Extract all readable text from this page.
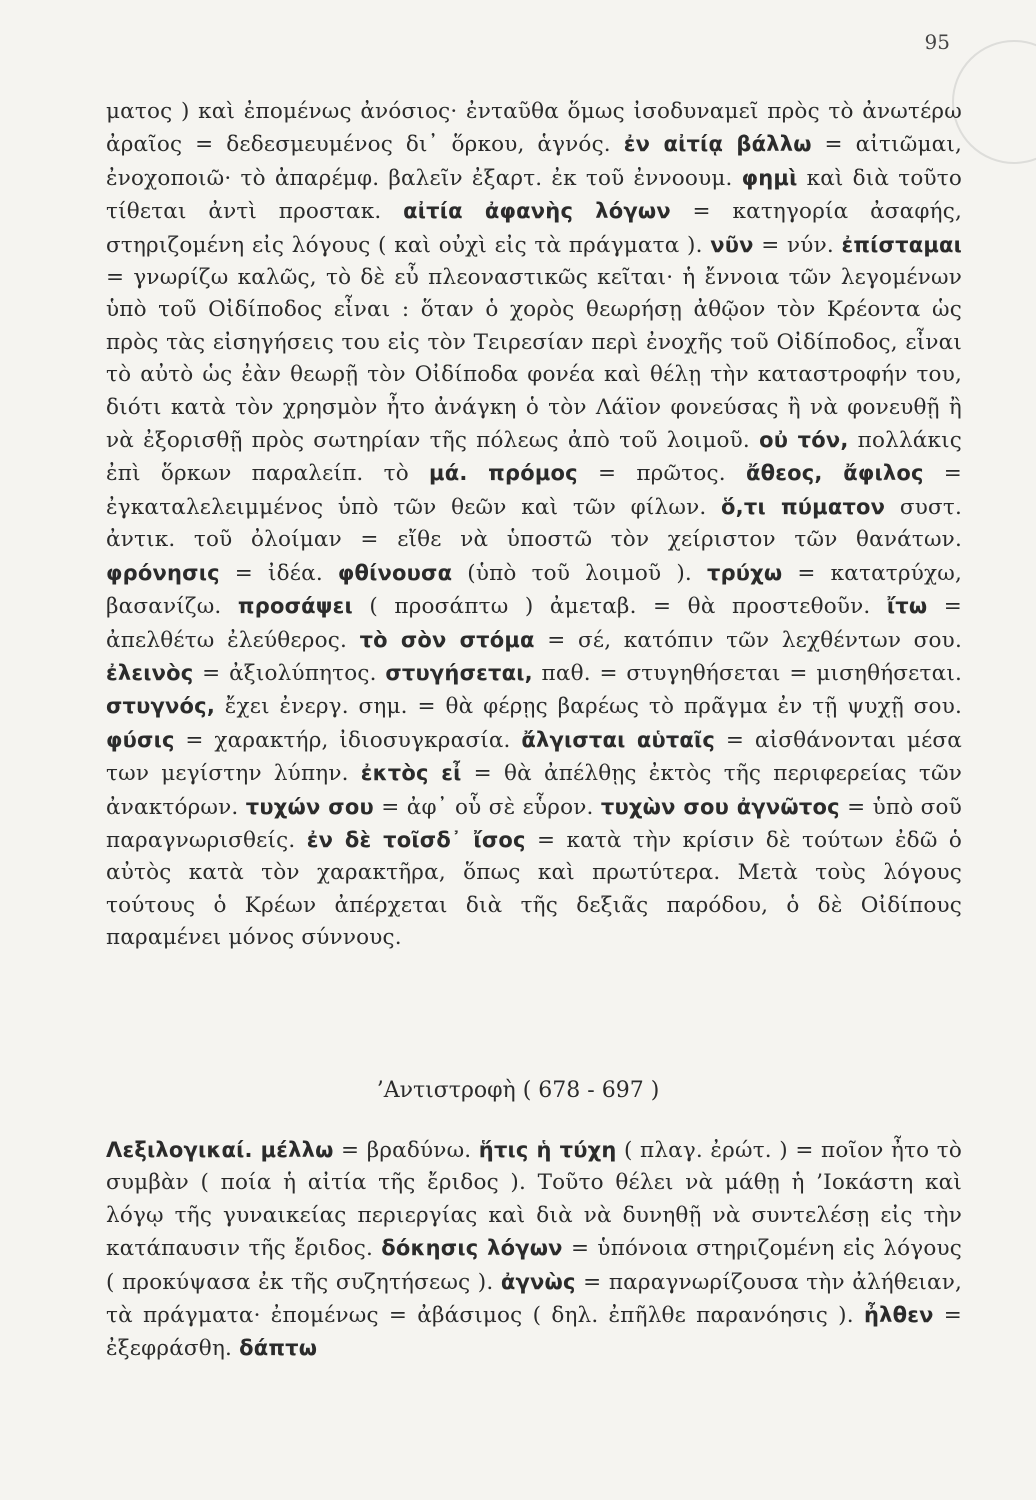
95

ματος ) καὶ ἐπομένως ἀνόσιος· ἐνταῦθα ὅμως ἰσοδυναμεῖ πρὸς τὸ ἀνωτέρω ἀραῖος = δεδεσμευμένος δι᾽ ὅρκου, ἁγνός. ἐν αἰτίᾳ βάλλω = αἰτιῶμαι, ἐνοχοποιῶ· τὸ ἀπαρέμφ. βαλεῖν ἐξαρτ. ἐκ τοῦ ἐννοουμ. φημὶ καὶ διὰ τοῦτο τίθεται ἀντὶ προστακ. αἰτία ἀφανὴς λόγων = κατηγορία ἀσαφής, στηριζομένη εἰς λόγους ( καὶ οὐχὶ εἰς τὰ πράγματα ). νῦν = νύν. ἐπίσταμαι = γνωρίζω καλῶς, τὸ δὲ εὖ πλεοναστικῶς κεῖται· ἡ ἔννοια τῶν λεγομένων ὑπὸ τοῦ Οἰδίποδος εἶναι : ὅταν ὁ χορὸς θεωρήσῃ ἀθῷον τὸν Κρέοντα ὡς πρὸς τὰς εἰσηγήσεις του εἰς τὸν Τειρεσίαν περὶ ἐνοχῆς τοῦ Οἰδίποδος, εἶναι τὸ αὐτὸ ὡς ἐὰν θεωρῇ τὸν Οἰδίποδα φονέα καὶ θέλῃ τὴν καταστροφήν του, διότι κατὰ τὸν χρησμὸν ἦτο ἀνάγκη ὁ τὸν Λάϊον φονεύσας ἢ νὰ φονευθῇ ἢ νὰ ἐξορισθῇ πρὸς σωτηρίαν τῆς πόλεως ἀπὸ τοῦ λοιμοῦ. οὐ τόν, πολλάκις ἐπὶ ὅρκων παραλείπ. τὸ μά. πρόμος = πρῶτος. ἄθεος, ἄφιλος = ἐγκαταλελειμμένος ὑπὸ τῶν θεῶν καὶ τῶν φίλων. ὅ,τι πύματον συστ. ἀντικ. τοῦ ὀλοίμαν = εἴθε νὰ ὑποστῶ τὸν χείριστον τῶν θανάτων. φρόνησις = ἰδέα. φθίνουσα (ὑπὸ τοῦ λοιμοῦ ). τρύχω = κατατρύχω, βασανίζω. προσάψει ( προσάπτω ) ἀμεταβ. = θὰ προστεθοῦν. ἴτω = ἀπελθέτω ἐλεύθερος. τὸ σὸν στόμα = σέ, κατόπιν τῶν λεχθέντων σου. ἐλεινὸς = ἀξιολύπητος. στυγήσεται, παθ. = στυγηθήσεται = μισηθήσεται. στυγνός, ἔχει ἐνεργ. σημ. = θὰ φέρῃς βαρέως τὸ πρᾶγμα ἐν τῇ ψυχῇ σου. φύσις = χαρακτήρ, ἰδιοσυγκρασία. ἄλγισται αὑταῖς = αἰσθάνονται μέσα των μεγίστην λύπην. ἐκτὸς εἶ = θὰ ἀπέλθῃς ἐκτὸς τῆς περιφερείας τῶν ἀνακτόρων. τυχών σου = ἀφ᾽ οὗ σὲ εὗρον. τυχὼν σου ἀγνῶτος = ὑπὸ σοῦ παραγνωρισθείς. ἐν δὲ τοῖσδ᾽ ἴσος = κατὰ τὴν κρίσιν δὲ τούτων ἐδῶ ὁ αὐτὸς κατὰ τὸν χαρακτῆρα, ὅπως καὶ πρωτύτερα. Μετὰ τοὺς λόγους τούτους ὁ Κρέων ἀπέρχεται διὰ τῆς δεξιᾶς παρόδου, ὁ δὲ Οἰδίπους παραμένει μόνος σύννους.

’Αντιστροφὴ ( 678 - 697 )

Λεξιλογικαί. μέλλω = βραδύνω. ἥτις ἡ τύχη ( πλαγ. ἐρώτ. ) = ποῖον ἦτο τὸ συμβὰν ( ποία ἡ αἰτία τῆς ἔριδος ). Τοῦτο θέλει νὰ μάθῃ ἡ ’Ιοκάστη καὶ λόγῳ τῆς γυναικείας περιεργίας καὶ διὰ νὰ δυνηθῇ νὰ συντελέσῃ εἰς τὴν κατάπαυσιν τῆς ἔριδος. δόκησις λόγων = ὑπόνοια στηριζομένη εἰς λόγους ( προκύψασα ἐκ τῆς συζητήσεως ). ἀγνὼς = παραγνωρίζουσα τὴν ἀλήθειαν, τὰ πράγματα· ἐπομένως = ἀβάσιμος ( δηλ. ἐπῆλθε παρανόησις ). ἦλθεν = ἐξεφράσθη. δάπτω
